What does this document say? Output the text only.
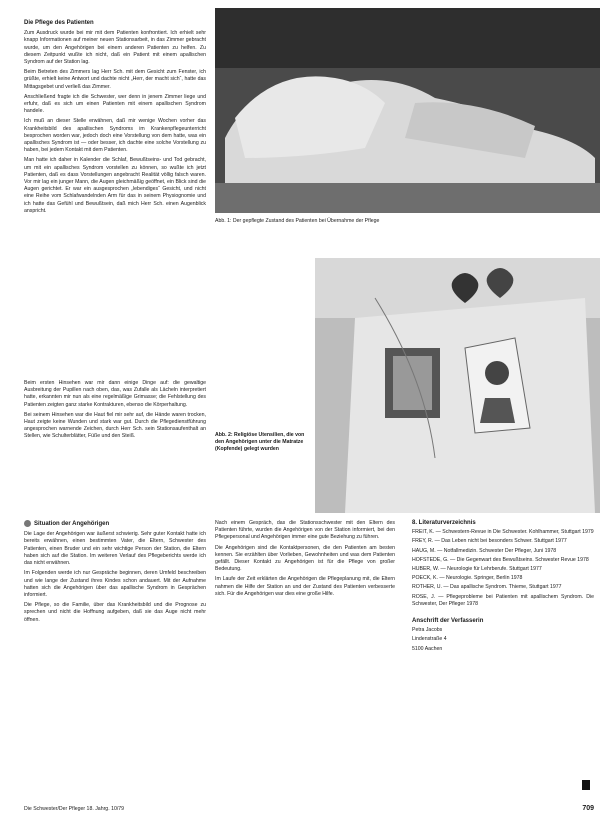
Die Pflege des Patienten

Zum Ausdruck wurde bei mir mit dem Patienten konfrontiert. Ich erhielt sehr knapp Informationen auf meiner neuen Stationsarbeit, in das Zimmer gebracht wurde, um den Angehörigen bei einem anderen Patienten zu helfen. Zu diesem Zeitpunkt wußte ich nicht, daß ein Patient mit einem apallischen Syndrom auf der Station lag.

Beim Betreten des Zimmers lag Herr Sch. mit dem Gesicht zum Fenster, ich grüßte, erhielt keine Antwort und dachte nicht „Herr, der macht sich“, hatte das Mittagsgebet und verließ das Zimmer.

Anschließend fragte ich die Schwester, wer denn in jenem Zimmer liege und erfuhr, daß es sich um einen Patienten mit einem apallischen Syndrom handele.

Ich muß an dieser Stelle erwähnen, daß mir wenige Wochen vorher das Krankheitsbild des apallischen Syndroms im Krankenpflegeunterricht besprochen worden war, jedoch doch eine Vorstellung von dem hatte, was ein apallisches Syndrom ist — oder besser, ich dachte eine solche Vorstellung zu haben, bei jedem Kontakt mit dem Patienten.

Man hatte ich daher in Kalender die Schlaf, Bewußtseins- und Tod gebracht, um mit ein apallisches Syndrom vorstellen zu können, so wußte ich jetzt Patienten, daß es dass Vorstellungen angebracht Realität völlig falsch waren. Vor mir lag ein junger Mann, die Augen gleichmäßig geöffnet, ein Blick sind die Augen gerichtet. Er war ein ausgesprochen „lebendiges“ Gesicht, und nicht eine Reihe vom Schlafwandelnden Arm für das in seinem Physiognomie und ich hatte das Gefühl und Bewußtsein, daß mich Herr Sch. einen Augenblick anspricht.

Beim ersten Hinsehen war mir dann einige Dinge auf: die gewaltige Ausbreitung der Pupillen nach oben, das, was Zufalle als Lächeln interpretiert hatte, erkannten mir nun als eine regelmäßige Grimasse; die Fehlstellung des Patienten zeigten ganz starke Kontrakturen, ebenso die Körperhaltung.

Bei seinem Hinsehen war die Haut fiel mir sehr auf, die Hände waren trocken, Haut zeigte keine Wunden und stark war gut. Durch die Pflegedienstführung angesprochen warnende Zeichen, durch Herr Sch. sein Stationsaufenthalt an Stellen, wie Schulterblätter, Füße und den Steiß.

Abb. 1: Der gepflegte Zustand des Patienten bei Übernahme der Pflege
Abb. 2: Religiöse Utensilien, die von den Angehörigen unter die Matratze (Kopfende) gelegt wurden

Situation der Angehörigen

Die Lage der Angehörigen war äußerst schwierig. Sehr guter Kontakt hatte ich bereits erwähnen, einen bestimmten Vater, die Eltern, Schwester des Patienten, einen Bruder und ein sehr wichtige Person der Station, die Eltern haben sich auf die Station. Im weiteren Verlauf des Pflegeberichts werde ich das nicht erwähnen.

Im Folgenden werde ich nur Gespräche beginnen, deren Umfeld beschreiben und wie lange der Zustand ihres Kindes schon andauert. Mit der Aufnahme hatten sich die Angehörigen über das apallische Syndrom in Gesprächen informiert.

Die Pflege, so die Familie, über das Krankheitsbild und die Prognose zu sprechen und nicht die Hoffnung aufgeben, daß sie das Auge nicht mehr öffnen.

Nach einem Gespräch, das die Stationsschwester mit den Eltern des Patienten führte, wurden die Angehörigen von der Station informiert, bei den Pflegepersonal und Angehörigen immer eine gute Beziehung zu führen.

Die Angehörigen sind die Kontaktpersonen, die den Patienten am besten kennen. Sie erzählten über Vorlieben, Gewohnheiten und was dem Patienten gefällt. Dieser Kontakt zu Angehörigen ist für die Pflege von großer Bedeutung.

Im Laufe der Zeit erklärten die Angehörigen die Pflegeplanung mit, die Eltern nahmen die Hilfe der Station an und der Zustand des Patienten verbesserte sich. Für die Angehörigen war dies eine große Hilfe.

8. Literaturverzeichnis

FREIT, K. — Schwestern-Revue in Die Schwester. Kohlhammer, Stuttgart 1979

FREY, R. — Das Leben nicht bei besonders Schwer. Stuttgart 1977

HAUG, M. — Notfallmedizin. Schwester Der Pfleger, Juni 1978

HOFSTEDE, G. — Die Gegenwart des Bewußtseins. Schwester Revue 1978

HUBER, W. — Neurologie für Lehrberufe. Stuttgart 1977

POECK, K. — Neurologie. Springer, Berlin 1978

ROTHER, U. — Das apallische Syndrom. Thieme, Stuttgart 1977

ROSE, J. — Pflegeprobleme bei Patienten mit apallischem Syndrom. Die Schwester, Der Pfleger 1978

Anschrift der Verfasserin

Petra Jacobs

Lindenstraße 4

5100 Aachen

Die Schwester/Der Pfleger 18. Jahrg. 10/79	709
